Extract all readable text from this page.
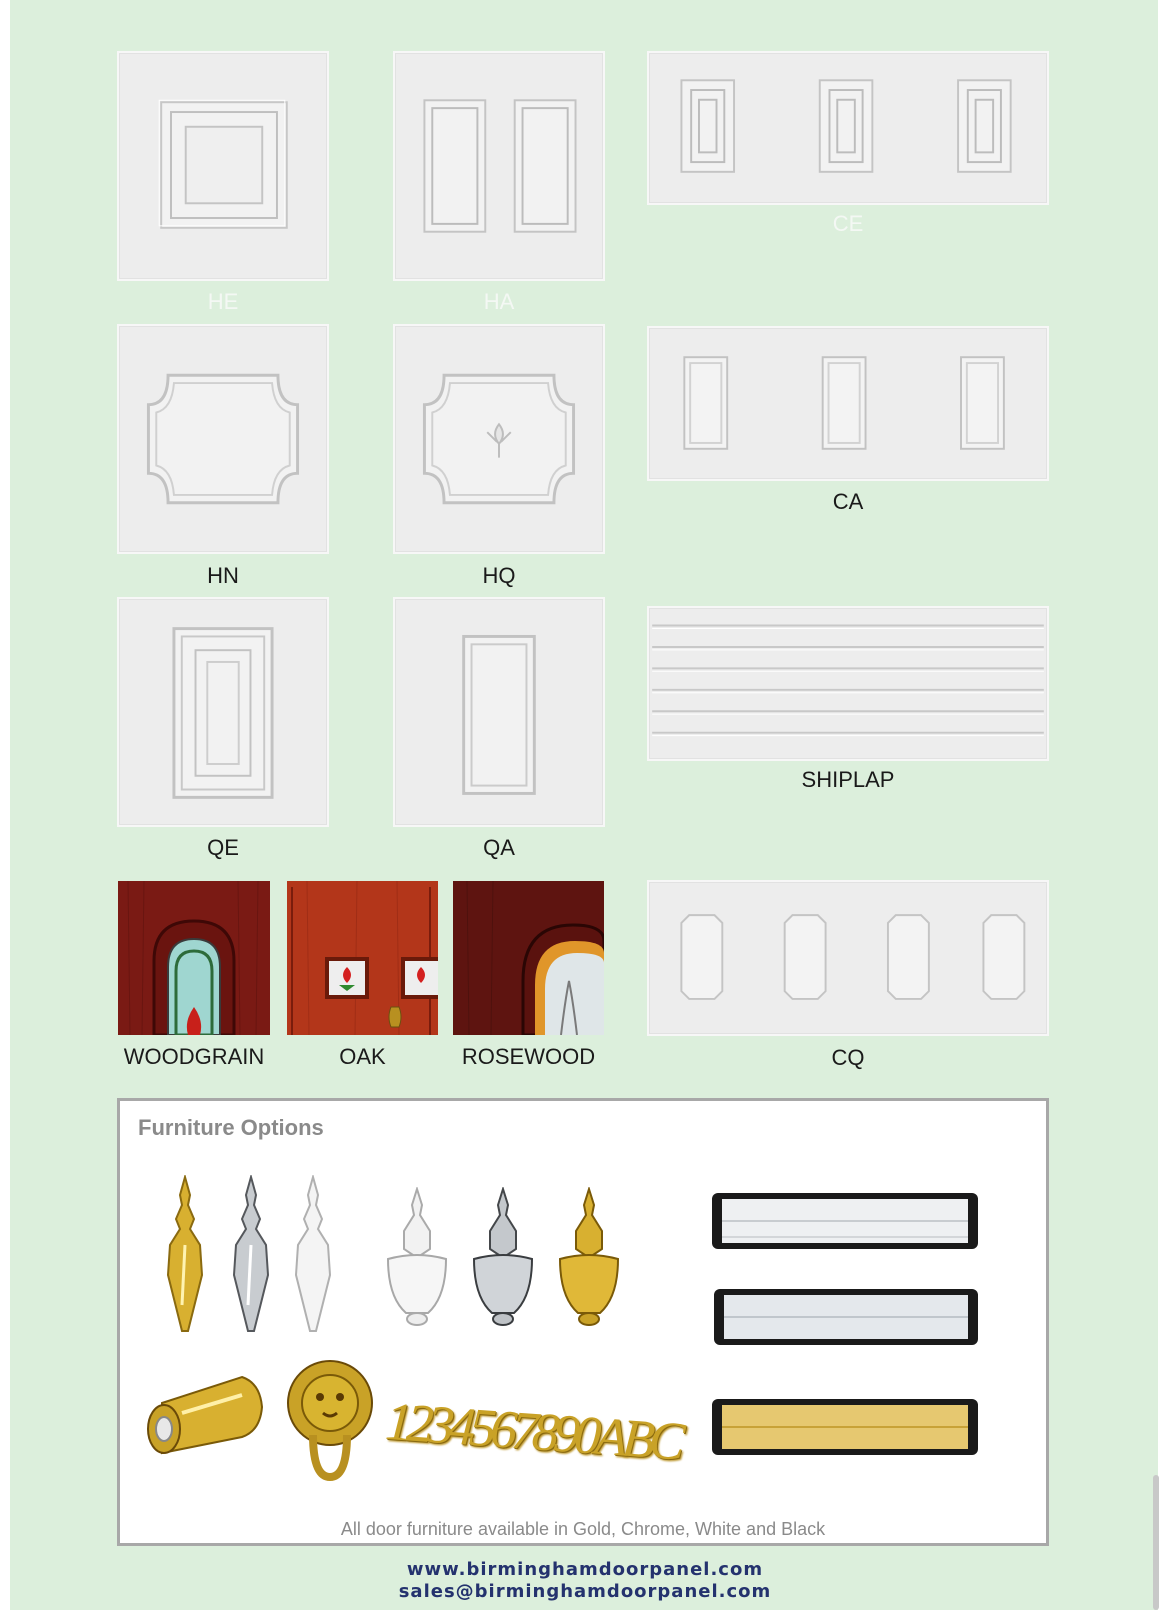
HE	HA
CE
HN	HQ
CA
QE	QA
SHIPLAP
WOODGRAIN	OAK	ROSEWOOD	CQ
Furniture Options
1234567890ABC
All door furniture available in Gold, Chrome, White and Black
www.birminghamdoorpanel.com
sales@birminghamdoorpanel.com
